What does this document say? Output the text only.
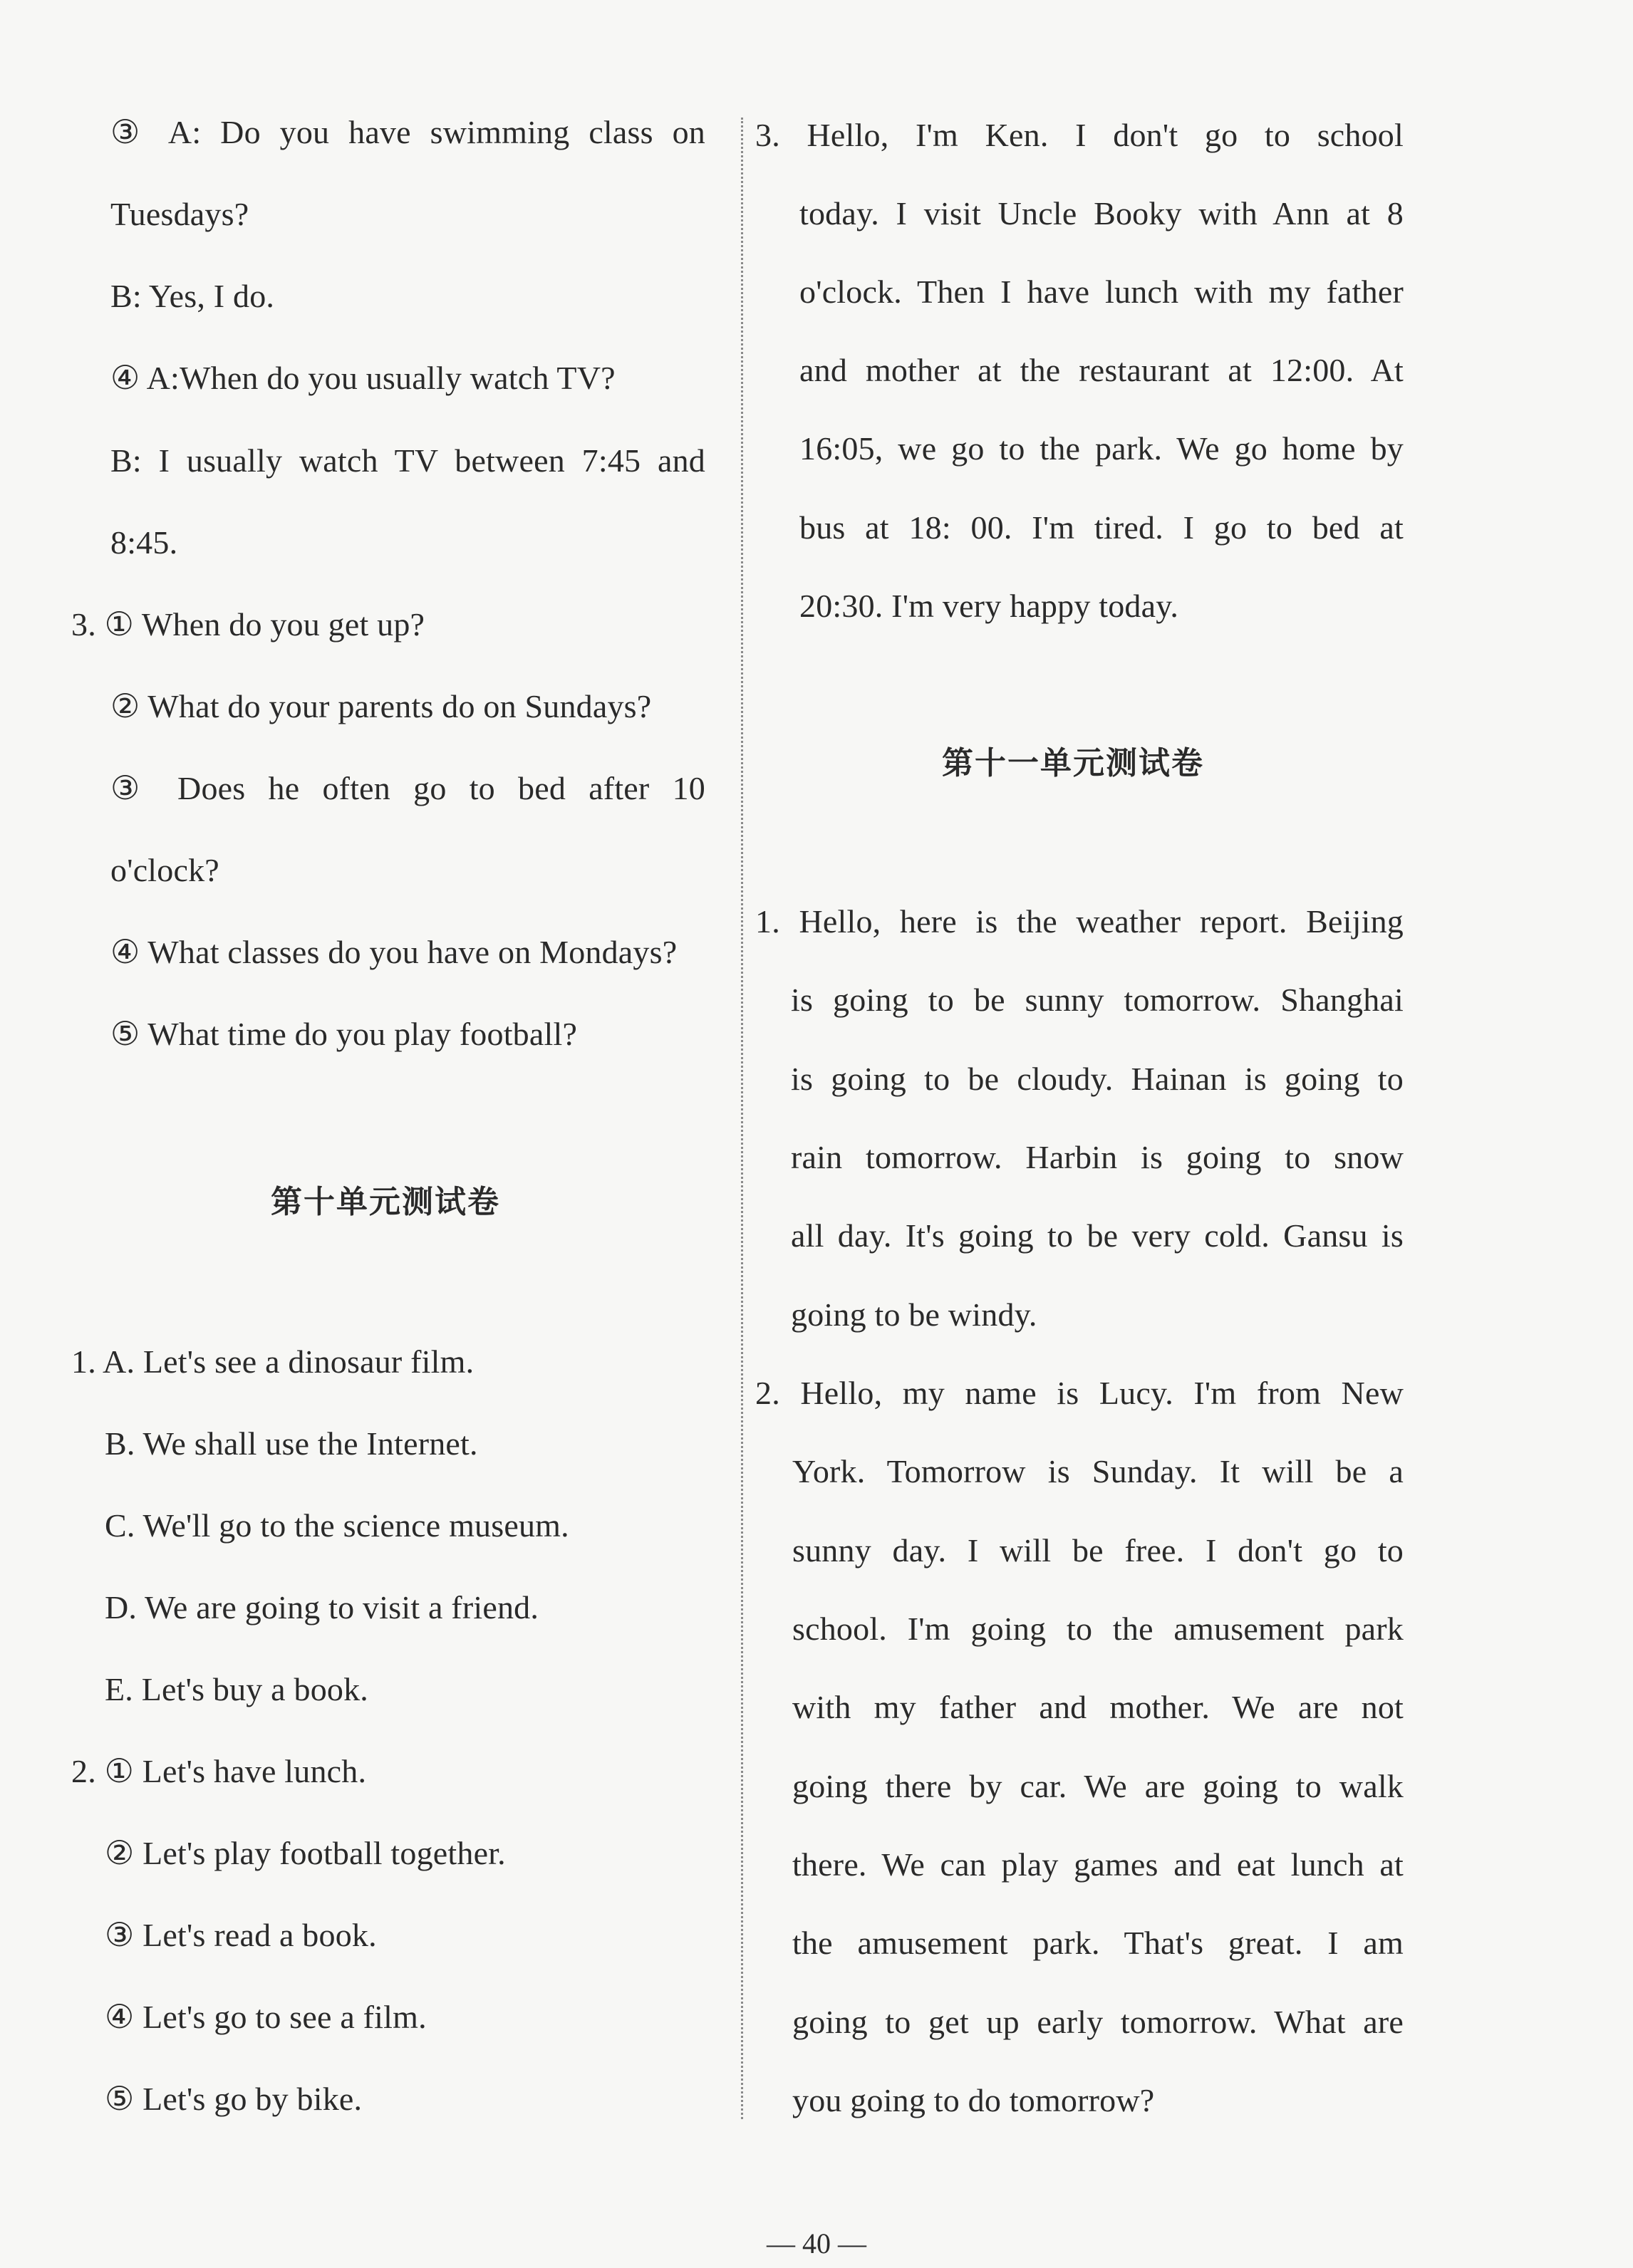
③ A: Do you have swimming class on
Tuesdays?
B: Yes, I do.
④ A:When do you usually watch TV?
B: I usually watch TV between 7:45 and
8:45.
3. ① When do you get up?
② What do your parents do on Sundays?
③ Does he often go to bed after 10
o'clock?
④ What classes do you have on Mondays?
⑤ What time do you play football?
第十单元测试卷
1. A. Let's see a dinosaur film.
B. We shall use the Internet.
C. We'll go to the science museum.
D. We are going to visit a friend.
E. Let's buy a book.
2. ① Let's have lunch.
② Let's play football together.
③ Let's read a book.
④ Let's go to see a film.
⑤ Let's go by bike.
3. Hello, I'm Ken. I don't go to school
today. I visit Uncle Booky with Ann at 8
o'clock. Then I have lunch with my father
and mother at the restaurant at 12:00. At
16:05, we go to the park. We go home by
bus at 18: 00. I'm tired. I go to bed at
20:30. I'm very happy today.
第十一单元测试卷
1. Hello, here is the weather report. Beijing
is going to be sunny tomorrow. Shanghai
is going to be cloudy. Hainan is going to
rain tomorrow. Harbin is going to snow
all day. It's going to be very cold. Gansu is
going to be windy.
2. Hello, my name is Lucy. I'm from New
York. Tomorrow is Sunday. It will be a
sunny day. I will be free. I don't go to
school. I'm going to the amusement park
with my father and mother. We are not
going there by car. We are going to walk
there. We can play games and eat lunch at
the amusement park. That's great. I am
going to get up early tomorrow. What are
you going to do tomorrow?
— 40 —
